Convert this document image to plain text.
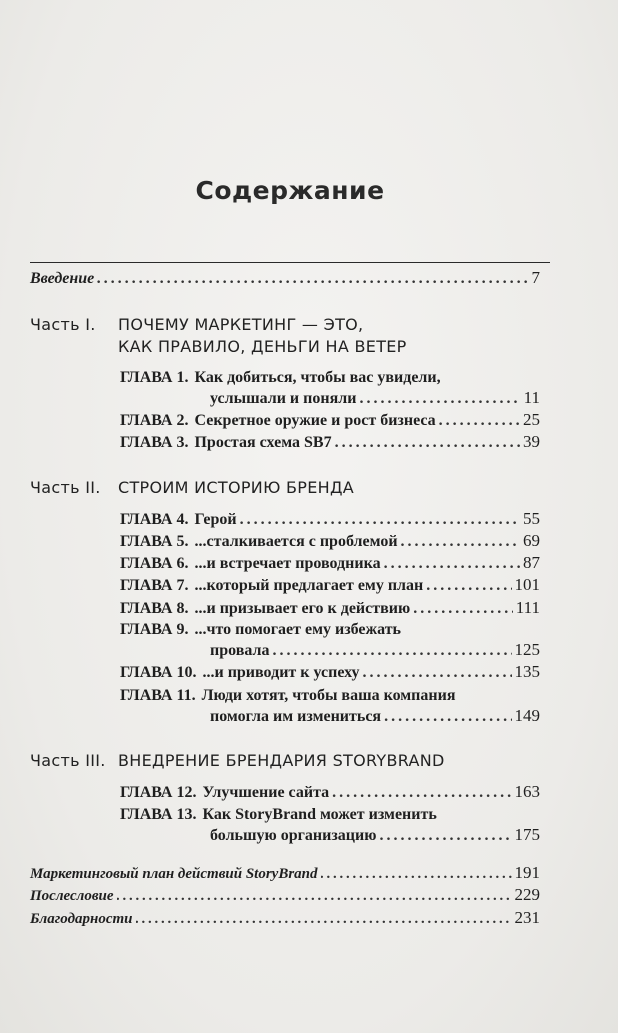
Содержание
Введение . . .	7
Часть I. ПОЧЕМУ МАРКЕТИНГ — ЭТО,
КАК ПРАВИЛО, ДЕНЬГИ НА ВЕТЕР
ГЛАВА 1. Как добиться, чтобы вас увидели,
услышали и поняли . . .	11
ГЛАВА 2. Секретное оружие и рост бизнеса . . .	25
ГЛАВА 3. Простая схема SB7 . . .	39
Часть II. СТРОИМ ИСТОРИЮ БРЕНДА
ГЛАВА 4. Герой . . .	55
ГЛАВА 5. ...сталкивается с проблемой . . .	69
ГЛАВА 6. ...и встречает проводника . . .	87
ГЛАВА 7. ...который предлагает ему план . . .	101
ГЛАВА 8. ...и призывает его к действию . . .	111
ГЛАВА 9. ...что помогает ему избежать
провала . . .	125
ГЛАВА 10. ...и приводит к успеху . . .	135
ГЛАВА 11. Люди хотят, чтобы ваша компания
помогла им измениться . . .	149
Часть III. ВНЕДРЕНИЕ БРЕНДАРИЯ STORYBRAND
ГЛАВА 12. Улучшение сайта . . .	163
ГЛАВА 13. Как StoryBrand может изменить
большую организацию . . .	175
Маркетинговый план действий StoryBrand . . .	191
Послесловие . . .	229
Благодарности . . .	231
